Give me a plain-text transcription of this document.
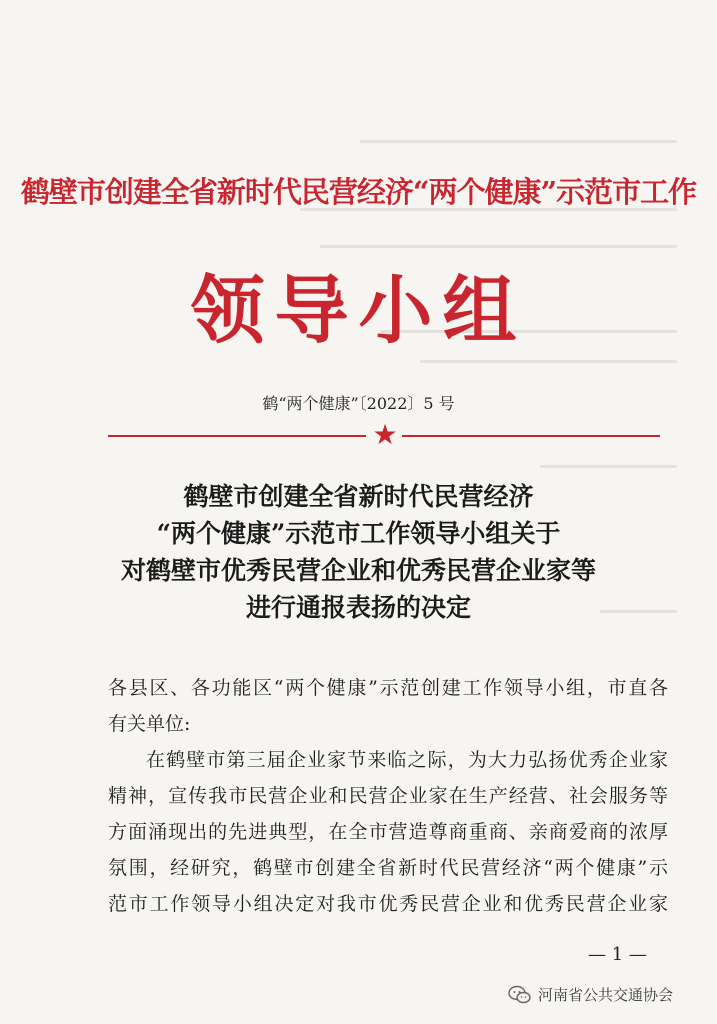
鹤壁市创建全省新时代民营经济“两个健康”示范市工作
领导小组
鹤“两个健康”〔2022〕5 号
★
鹤壁市创建全省新时代民营经济
“两个健康”示范市工作领导小组关于
对鹤壁市优秀民营企业和优秀民营企业家等
进行通报表扬的决定

各县区、各功能区“两个健康”示范创建工作领导小组，市直各
有关单位:

在鹤壁市第三届企业家节来临之际，为大力弘扬优秀企业家
精神，宣传我市民营企业和民营企业家在生产经营、社会服务等
方面涌现出的先进典型，在全市营造尊商重商、亲商爱商的浓厚
氛围，经研究，鹤壁市创建全省新时代民营经济“两个健康”示
范市工作领导小组决定对我市优秀民营企业和优秀民营企业家

— 1 —
河南省公共交通协会
